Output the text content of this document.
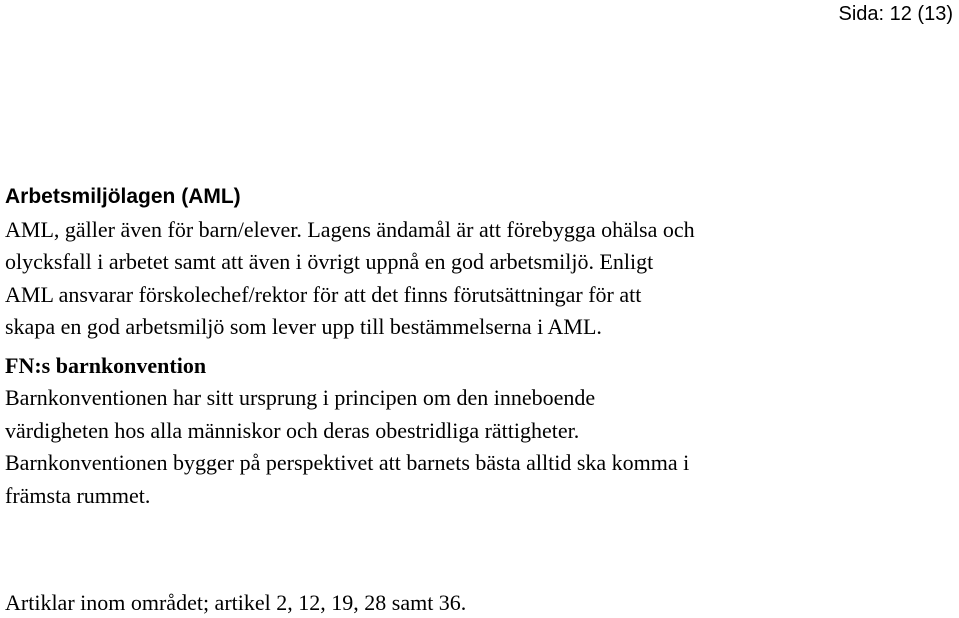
Sida: 12 (13)
Arbetsmiljölagen (AML)

AML, gäller även för barn/elever. Lagens ändamål är att förebygga ohälsa och
olycksfall i arbetet samt att även i övrigt uppnå en god arbetsmiljö. Enligt
AML ansvarar förskolechef/rektor för att det finns förutsättningar för att
skapa en god arbetsmiljö som lever upp till bestämmelserna i AML.

FN:s barnkonvention

Barnkonventionen har sitt ursprung i principen om den inneboende
värdigheten hos alla människor och deras obestridliga rättigheter.
Barnkonventionen bygger på perspektivet att barnets bästa alltid ska komma i
främsta rummet.

Artiklar inom området; artikel 2, 12, 19, 28 samt 36.
